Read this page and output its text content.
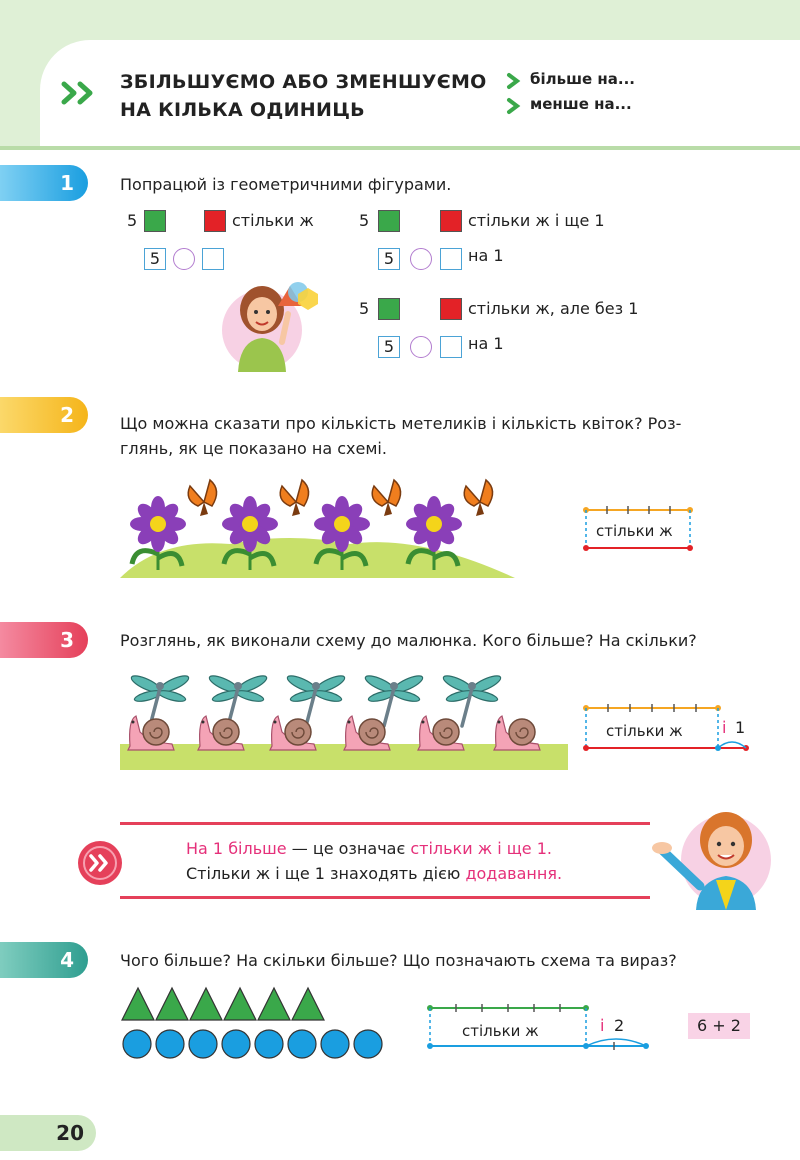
ЗБІЛЬШУЄМО АБО ЗМЕНШУЄМО
НА КІЛЬКА ОДИНИЦЬ
більше на...
менше на...
1	Попрацюй із геометричними фігурами.
5	стільки ж
5
5	стільки ж і ще 1
5	на 1
5	стільки ж, але без 1
5	на 1
2	Що можна сказати про кількість метеликів і кількість квіток? Роз-
глянь, як це показано на схемі.
стільки ж
3	Розглянь, як виконали схему до малюнка. Кого більше? На скільки?
стільки ж і 1
На 1 більше — це означає стільки ж і ще 1.
Стільки ж і ще 1 знаходять дією додавання.
4	Чого більше? На скільки більше? Що позначають схема та вираз?
стільки ж	і 2	6 + 2
20
